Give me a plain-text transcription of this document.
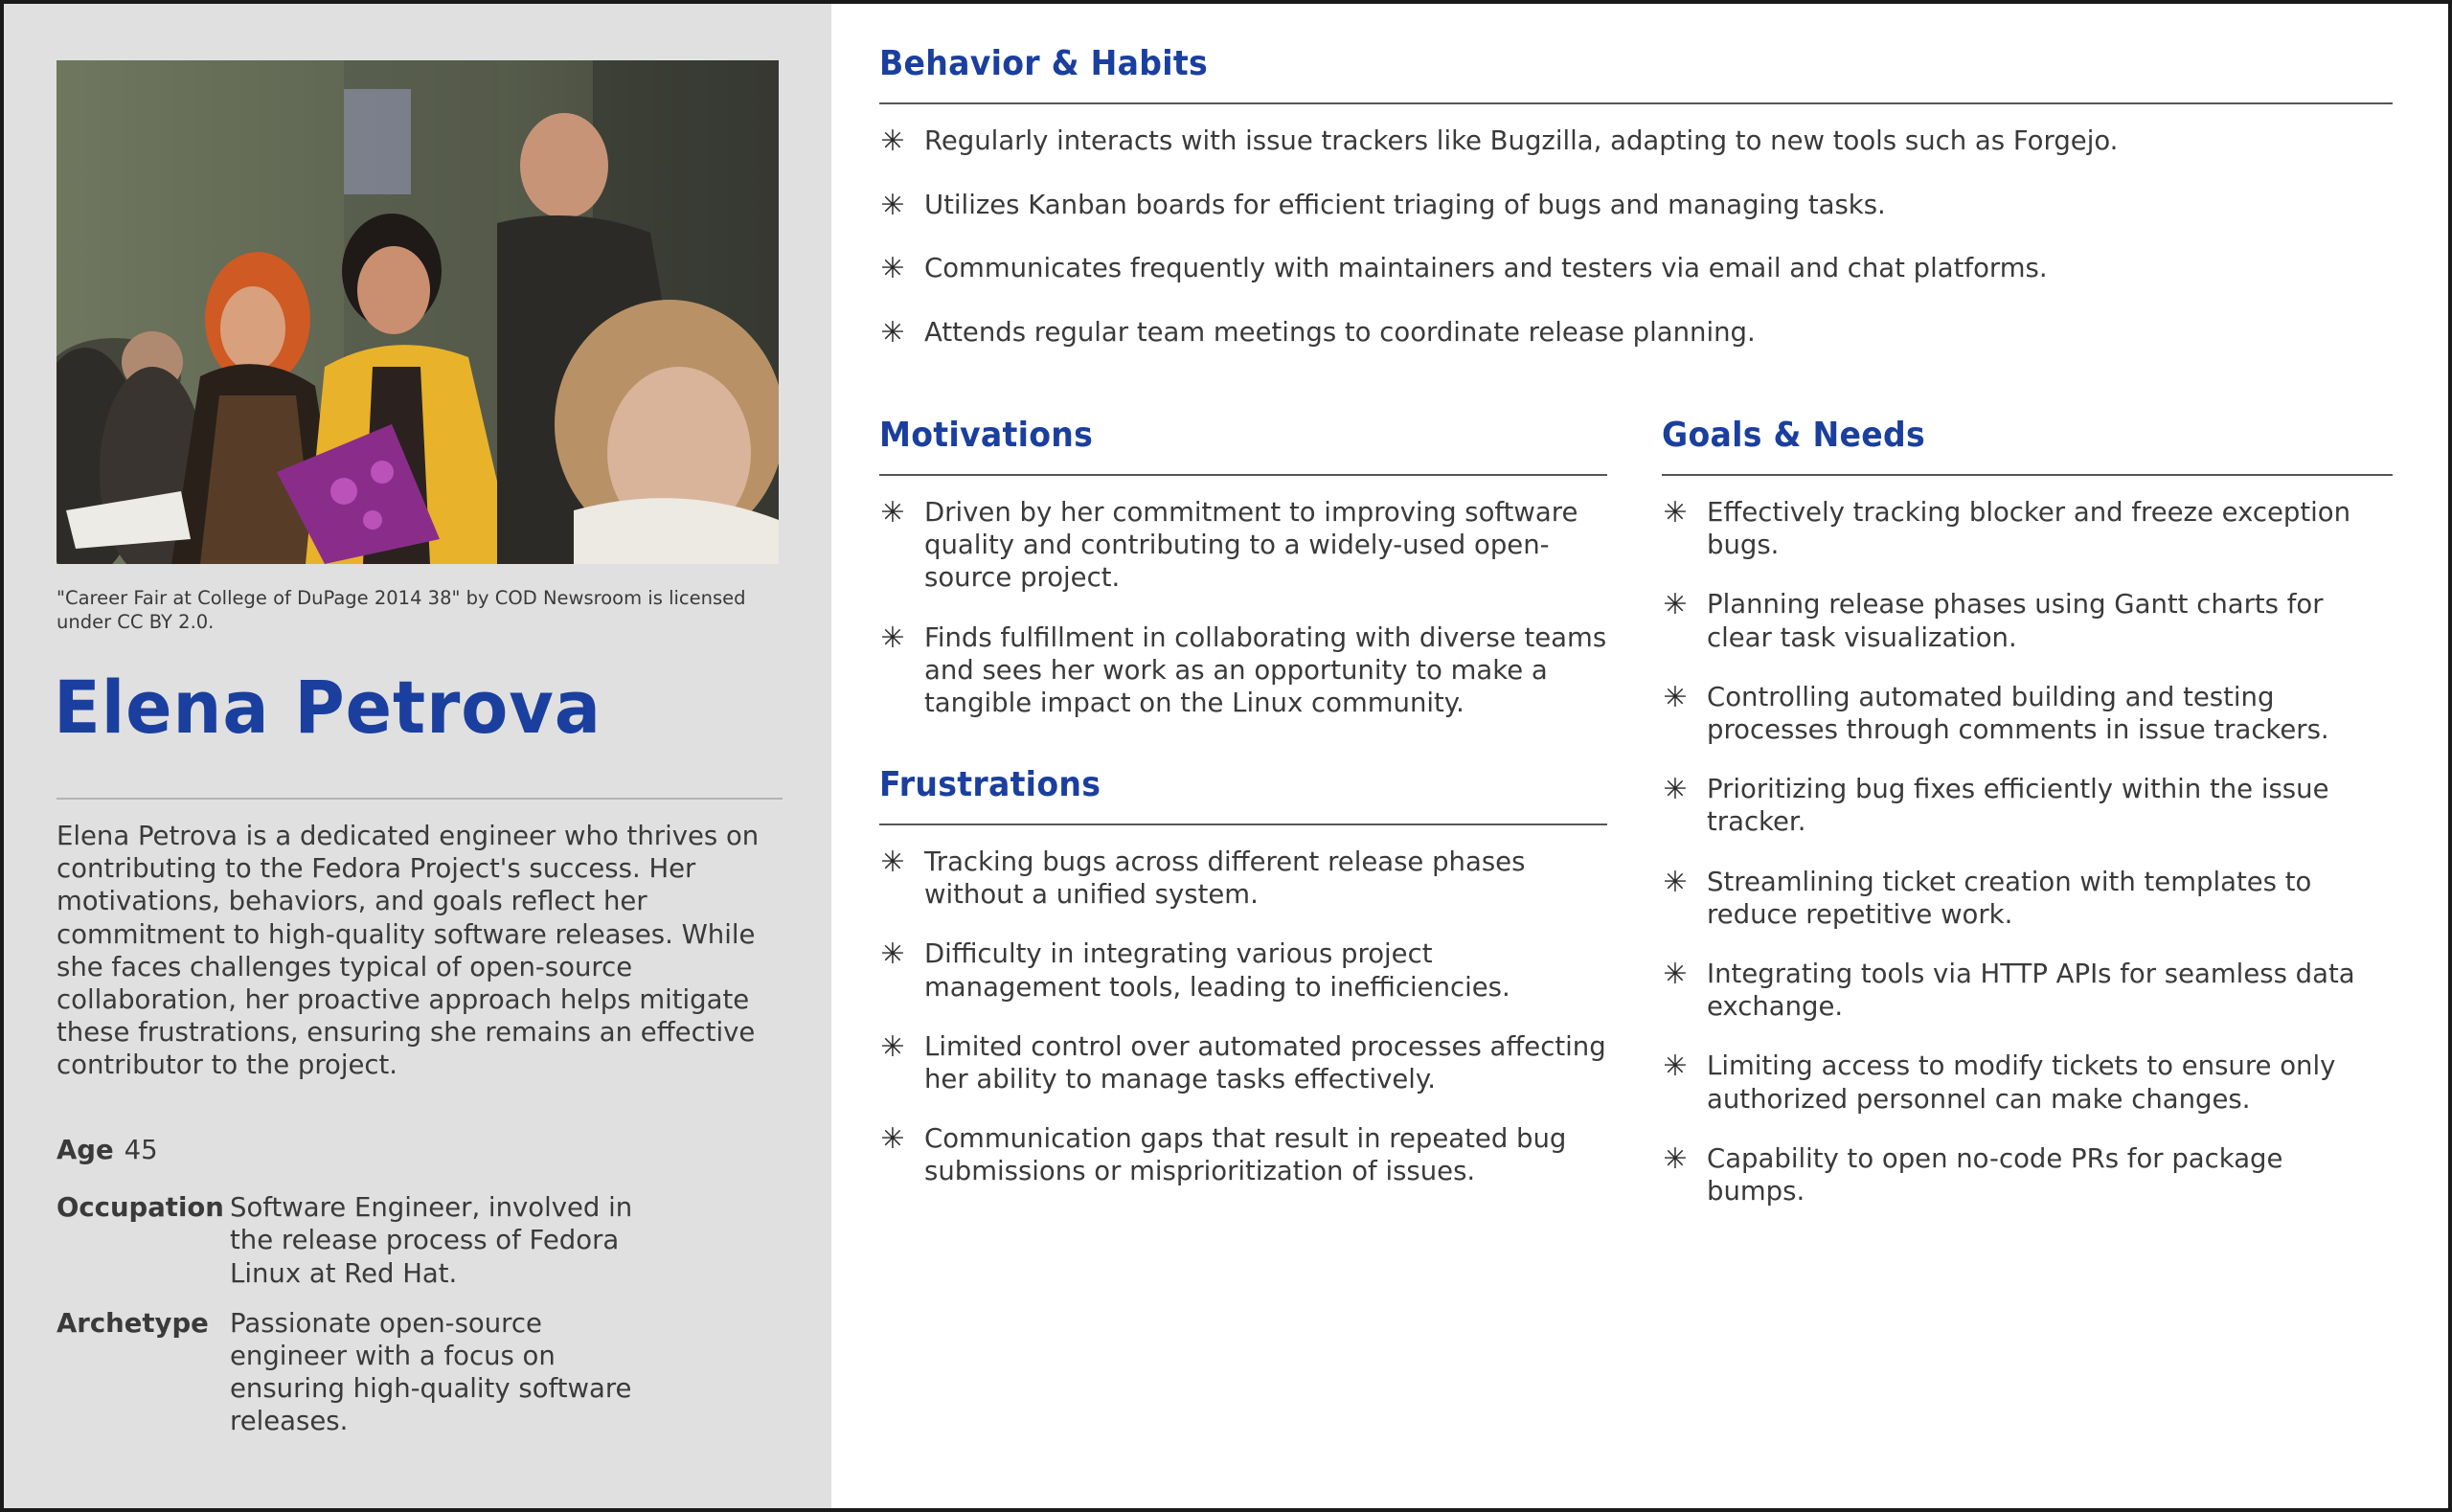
"Career Fair at College of DuPage 2014 38" by COD Newsroom is licensed under CC BY 2.0.
Elena Petrova
Elena Petrova is a dedicated engineer who thrives on contributing to the Fedora Project's success. Her motivations, behaviors, and goals reflect her commitment to high-quality software releases. While she faces challenges typical of open-source collaboration, her proactive approach helps mitigate these frustrations, ensuring she remains an effective contributor to the project.
Age 45
Occupation Software Engineer, involved in the release process of Fedora Linux at Red Hat.
Archetype Passionate open-source engineer with a focus on ensuring high-quality software releases.
Behavior & Habits
✳ Regularly interacts with issue trackers like Bugzilla, adapting to new tools such as Forgejo.
✳ Utilizes Kanban boards for efficient triaging of bugs and managing tasks.
✳ Communicates frequently with maintainers and testers via email and chat platforms.
✳ Attends regular team meetings to coordinate release planning.
Motivations
✳ Driven by her commitment to improving software quality and contributing to a widely-used open-source project.
✳ Finds fulfillment in collaborating with diverse teams and sees her work as an opportunity to make a tangible impact on the Linux community.
Frustrations
✳ Tracking bugs across different release phases without a unified system.
✳ Difficulty in integrating various project management tools, leading to inefficiencies.
✳ Limited control over automated processes affecting her ability to manage tasks effectively.
✳ Communication gaps that result in repeated bug submissions or misprioritization of issues.
Goals & Needs
✳ Effectively tracking blocker and freeze exception bugs.
✳ Planning release phases using Gantt charts for clear task visualization.
✳ Controlling automated building and testing processes through comments in issue trackers.
✳ Prioritizing bug fixes efficiently within the issue tracker.
✳ Streamlining ticket creation with templates to reduce repetitive work.
✳ Integrating tools via HTTP APIs for seamless data exchange.
✳ Limiting access to modify tickets to ensure only authorized personnel can make changes.
✳ Capability to open no-code PRs for package bumps.
